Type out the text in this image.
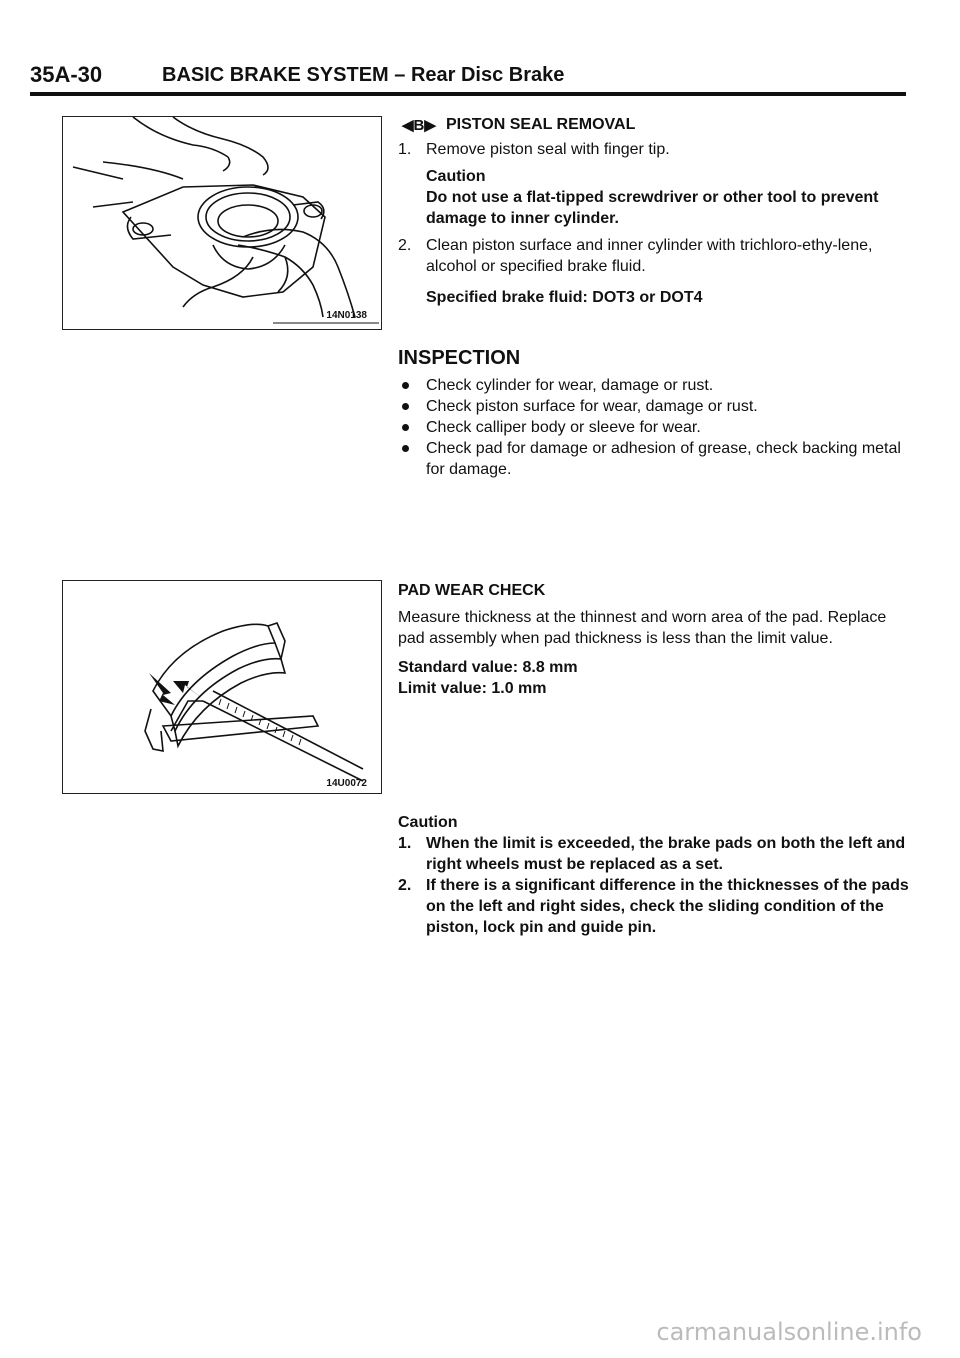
35A-30	BASIC BRAKE SYSTEM – Rear Disc Brake
14N0138
14U0072
◀B▶ PISTON SEAL REMOVAL
1. Remove piston seal with finger tip.
Caution
Do not use a flat-tipped screwdriver or other tool to prevent damage to inner cylinder.
2. Clean piston surface and inner cylinder with trichloro-ethy-lene, alcohol or specified brake fluid.
Specified brake fluid: DOT3 or DOT4
INSPECTION
Check cylinder for wear, damage or rust.
Check piston surface for wear, damage or rust.
Check calliper body or sleeve for wear.
Check pad for damage or adhesion of grease, check backing metal for damage.
PAD WEAR CHECK

Measure thickness at the thinnest and worn area of the pad. Replace pad assembly when pad thickness is less than the limit value.

Standard value: 8.8 mm
Limit value: 1.0 mm
Caution
1. When the limit is exceeded, the brake pads on both the left and right wheels must be replaced as a set.
2. If there is a significant difference in the thicknesses of the pads on the left and right sides, check the sliding condition of the piston, lock pin and guide pin.
carmanualsonline.info
